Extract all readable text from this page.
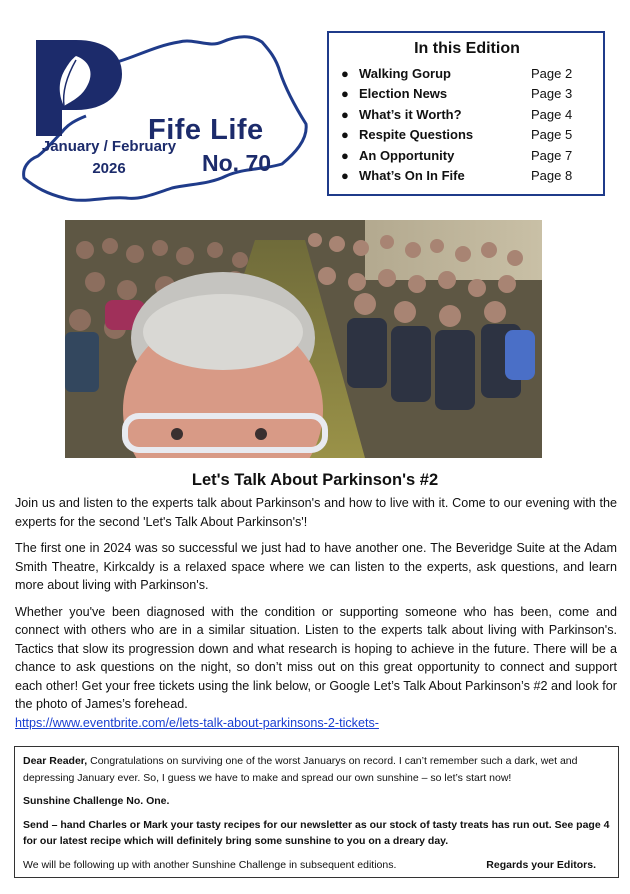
Fife Life
January / February
2026	No. 70
In this Edition
● Walking Gorup	Page 2
● Election News	Page 3
● What’s it Worth?	Page 4
● Respite Questions	Page 5
● An Opportunity	Page 7
● What’s On In Fife	Page 8
Let's Talk About Parkinson's #2

Join us and listen to the experts talk about Parkinson's and how to live with it. Come to our evening with the experts for the second 'Let's Talk About Parkinson's'!

The first one in 2024 was so successful we just had to have another one. The Beveridge Suite at the Adam Smith Theatre, Kirkcaldy is a relaxed space where we can listen to the experts, ask questions, and learn more about living with Parkinson's.

Whether you've been diagnosed with the condition or supporting someone who has been, come and connect with others who are in a similar situation. Listen to the experts talk about living with Parkinson's. Tactics that slow its progression down and what research is hoping to achieve in the future. There will be a chance to ask questions on the night, so don’t miss out on this great opportunity to connect and support each other! Get your free tickets using the link below, or Google Let’s Talk About Parkinson’s #2 and look for the photo of James’s forehead.

https://www.eventbrite.com/e/lets-talk-about-parkinsons-2-tickets-

Dear Reader, Congratulations on surviving one of the worst Januarys on record. I can’t remember such a dark, wet and depressing January ever. So, I guess we have to make and spread our own sunshine – so let’s start now!

Sunshine Challenge No. One.

Send – hand Charles or Mark your tasty recipes for our newsletter as our stock of tasty treats has run out. See page 4 for our latest recipe which will definitely bring some sunshine to you on a dreary day.

We will be following up with another Sunshine Challenge in subsequent editions.	Regards your Editors.
